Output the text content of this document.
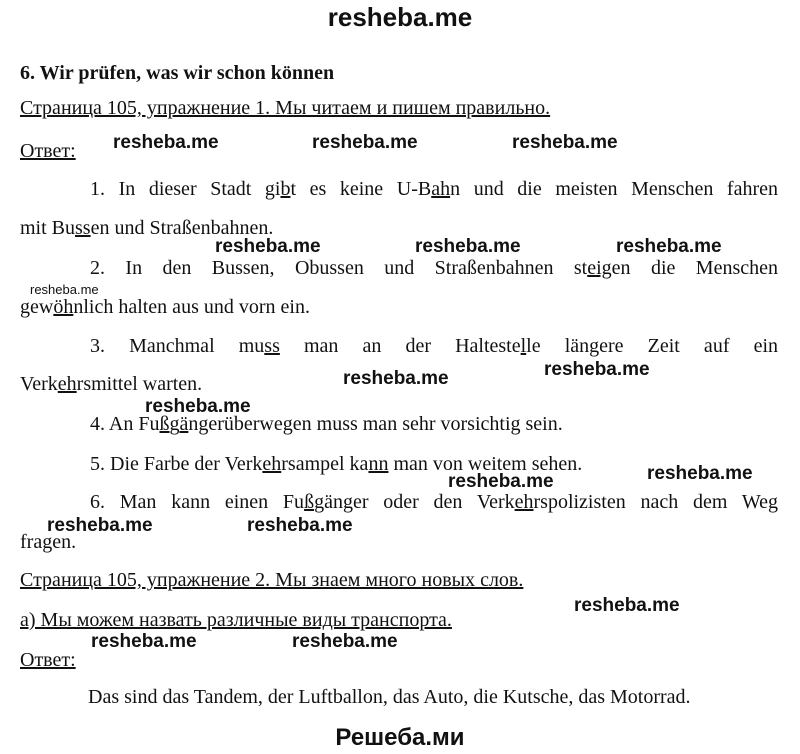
resheba.me
6. Wir prüfen, was wir schon können
Страница 105, упражнение 1. Мы читаем и пишем правильно.
Ответ: resheba.me	resheba.me	resheba.me
1. In dieser Stadt gibt es keine U-Bahn und die meisten Menschen fahren
mit Bussen und Straßenbahnen.
resheba.me	resheba.me	resheba.me
2. In den Bussen, Obussen und Straßenbahnen steigen die Menschen
resheba.me
gewöhnlich halten aus und vorn ein.
3. Manchmal muss man an der Haltestelle längere Zeit auf ein
Verkehrsmittel warten.	resheba.me	resheba.me
resheba.me
4. An Fußgängerüberwegen muss man sehr vorsichtig sein.
5. Die Farbe der Verkehrsampel kann man von weitem sehen.	resheba.me
resheba.me
6. Man kann einen Fußgänger oder den Verkehrspolizisten nach dem Weg
resheba.me	resheba.me
fragen.
Страница 105, упражнение 2. Мы знаем много новых слов.
resheba.me
а) Мы можем назвать различные виды транспорта.
resheba.me	resheba.me
Ответ:
Das sind das Tandem, der Luftballon, das Auto, die Kutsche, das Motorrad.
Решеба.ми
